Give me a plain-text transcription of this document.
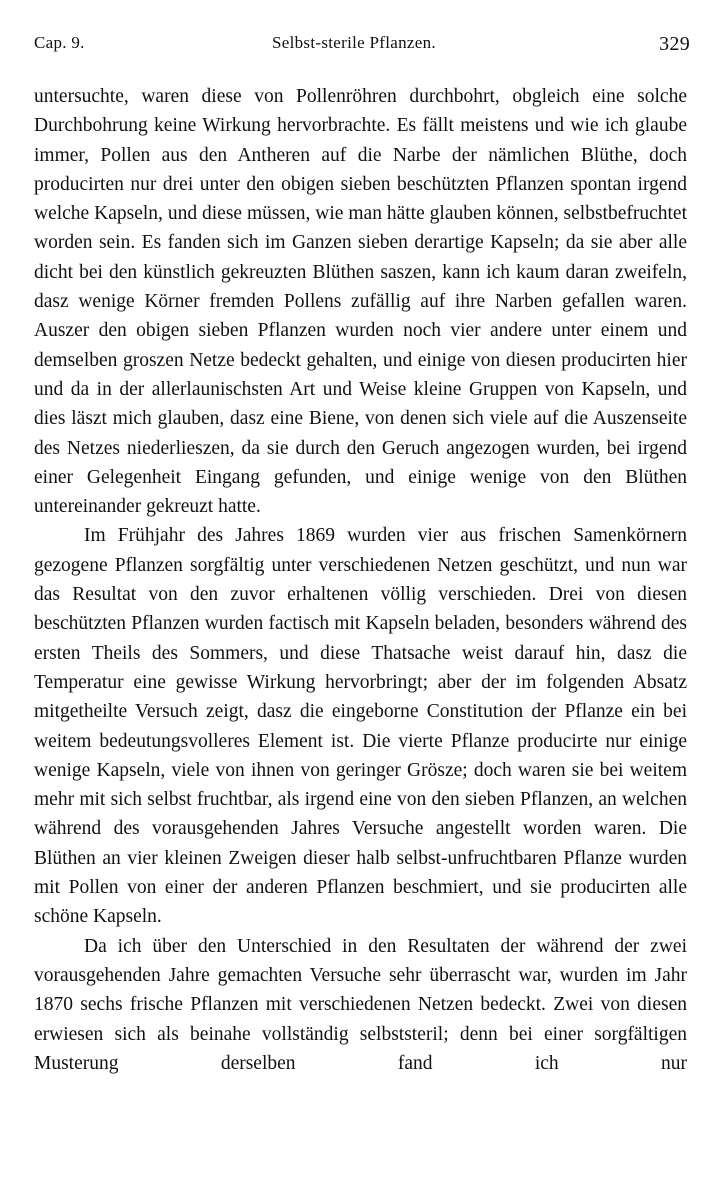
Cap. 9.	Selbst-sterile Pflanzen.	329

untersuchte, waren diese von Pollenröhren durchbohrt, obgleich eine solche Durchbohrung keine Wirkung hervorbrachte. Es fällt meistens und wie ich glaube immer, Pollen aus den Antheren auf die Narbe der nämlichen Blüthe, doch producirten nur drei unter den obigen sieben beschützten Pflanzen spontan irgend welche Kapseln, und diese müssen, wie man hätte glauben können, selbstbefruchtet worden sein. Es fanden sich im Ganzen sieben derartige Kapseln; da sie aber alle dicht bei den künstlich gekreuzten Blüthen saszen, kann ich kaum daran zweifeln, dasz wenige Körner fremden Pollens zufällig auf ihre Narben gefallen waren. Auszer den obigen sieben Pflanzen wurden noch vier andere unter einem und demselben groszen Netze bedeckt gehalten, und einige von diesen producirten hier und da in der allerlaunischsten Art und Weise kleine Gruppen von Kapseln, und dies läszt mich glauben, dasz eine Biene, von denen sich viele auf die Auszenseite des Netzes niederlieszen, da sie durch den Geruch angezogen wurden, bei irgend einer Gelegenheit Eingang gefunden, und einige wenige von den Blüthen untereinander gekreuzt hatte.

Im Frühjahr des Jahres 1869 wurden vier aus frischen Samenkörnern gezogene Pflanzen sorgfältig unter verschiedenen Netzen geschützt, und nun war das Resultat von den zuvor erhaltenen völlig verschieden. Drei von diesen beschützten Pflanzen wurden factisch mit Kapseln beladen, besonders während des ersten Theils des Sommers, und diese Thatsache weist darauf hin, dasz die Temperatur eine gewisse Wirkung hervorbringt; aber der im folgenden Absatz mitgetheilte Versuch zeigt, dasz die eingeborne Constitution der Pflanze ein bei weitem bedeutungsvolleres Element ist. Die vierte Pflanze producirte nur einige wenige Kapseln, viele von ihnen von geringer Grösze; doch waren sie bei weitem mehr mit sich selbst fruchtbar, als irgend eine von den sieben Pflanzen, an welchen während des vorausgehenden Jahres Versuche angestellt worden waren. Die Blüthen an vier kleinen Zweigen dieser halb selbst-unfruchtbaren Pflanze wurden mit Pollen von einer der anderen Pflanzen beschmiert, und sie producirten alle schöne Kapseln.

Da ich über den Unterschied in den Resultaten der während der zwei vorausgehenden Jahre gemachten Versuche sehr überrascht war, wurden im Jahr 1870 sechs frische Pflanzen mit verschiedenen Netzen bedeckt. Zwei von diesen erwiesen sich als beinahe vollständig selbststeril; denn bei einer sorgfältigen Musterung derselben fand ich nur
